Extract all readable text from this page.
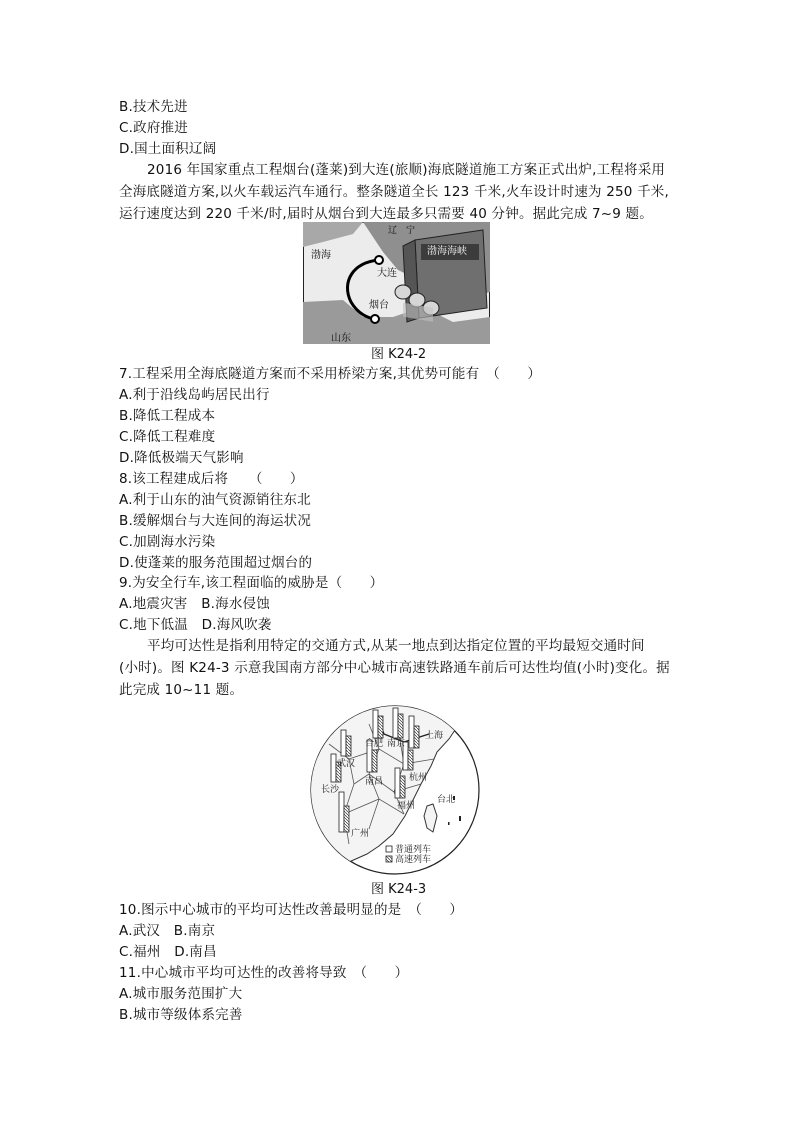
B.技术先进
C.政府推进
D.国土面积辽阔
2016 年国家重点工程烟台(蓬莱)到大连(旅顺)海底隧道施工方案正式出炉,工程将采用
全海底隧道方案,以火车载运汽车通行。整条隧道全长 123 千米,火车设计时速为 250 千米,
运行速度达到 220 千米/时,届时从烟台到大连最多只需要 40 分钟。据此完成 7~9 题。
渤海海峡
辽　宁
渤海
大连
烟台
山东
图 K24-2
7.工程采用全海底隧道方案而不采用桥梁方案,其优势可能有　（　　）
A.利于沿线岛屿居民出行
B.降低工程成本
C.降低工程难度
D.降低极端天气影响
8.该工程建成后将　　（　　）
A.利于山东的油气资源销往东北
B.缓解烟台与大连间的海运状况
C.加剧海水污染
D.使蓬莱的服务范围超过烟台的
9.为安全行车,该工程面临的威胁是（　　）
A.地震灾害　B.海水侵蚀
C.地下低温　D.海风吹袭
平均可达性是指利用特定的交通方式,从某一地点到达指定位置的平均最短交通时间
(小时)。图 K24-3 示意我国南方部分中心城市高速铁路通车前后可达性均值(小时)变化。据
此完成 10~11 题。
合肥 南京
上海
武汉
杭州
长沙
南昌
福州
台北
广州
普通列车
高速列车
图 K24-3
10.图示中心城市的平均可达性改善最明显的是　（　　）
A.武汉　B.南京
C.福州　D.南昌
11.中心城市平均可达性的改善将导致　（　　）
A.城市服务范围扩大
B.城市等级体系完善
